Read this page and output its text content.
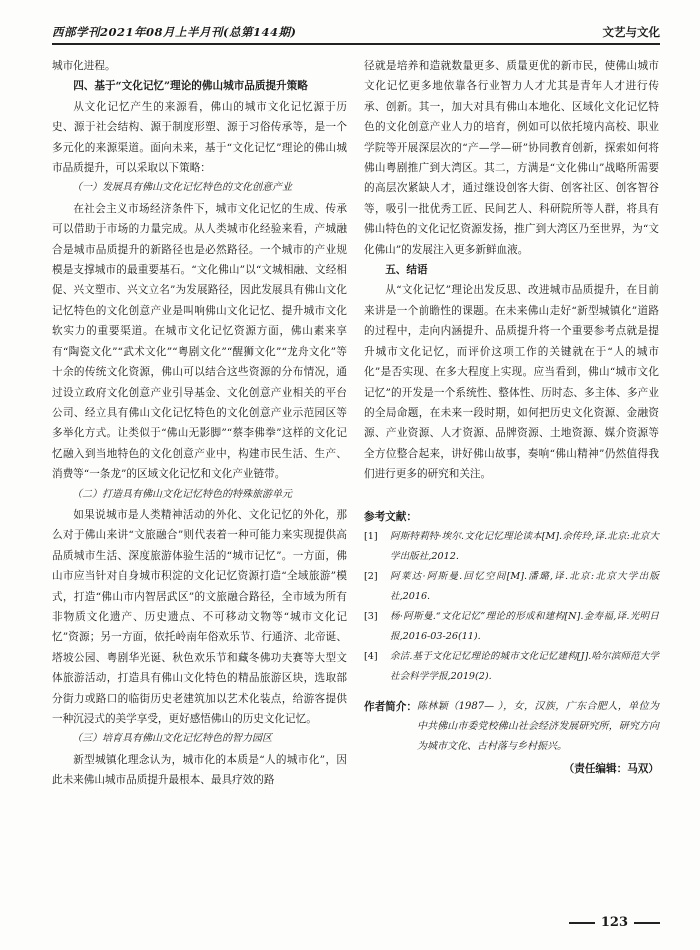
西部学刊2021年08月上半月刊(总第144期)	文艺与文化

城市化进程。

四、基于“文化记忆”理论的佛山城市品质提升策略

从文化记忆产生的来源看，佛山的城市文化记忆源于历史、源于社会结构、源于制度形塑、源于习俗传承等，是一个多元化的来源渠道。面向未来，基于“文化记忆”理论的佛山城市品质提升，可以采取以下策略：

（一）发展具有佛山文化记忆特色的文化创意产业

在社会主义市场经济条件下，城市文化记忆的生成、传承可以借助于市场的力量完成。从人类城市化经验来看，产城融合是城市品质提升的新路径也是必然路径。一个城市的产业规模是支撑城市的最重要基石。“文化佛山”以“文城相融、文经相促、兴文塑市、兴文立名”为发展路径，因此发展具有佛山文化记忆特色的文化创意产业是叫响佛山文化记忆、提升城市文化软实力的重要渠道。在城市文化记忆资源方面，佛山素来享有“陶瓷文化”“武术文化”“粤剧文化”“醒狮文化”“龙舟文化”等十余的传统文化资源，佛山可以结合这些资源的分布情况，通过设立政府文化创意产业引导基金、文化创意产业相关的平台公司、经立具有佛山文化记忆特色的文化创意产业示范园区等多举化方式。让类似于“佛山无影脚”“蔡李佛拳”这样的文化记忆融入到当地特色的文化创意产业中，构建市民生活、生产、消费等“一条龙”的区域文化记忆和文化产业链带。

（二）打造具有佛山文化记忆特色的特殊旅游单元

如果说城市是人类精神活动的外化、文化记忆的外化，那么对于佛山来讲“文旅融合”则代表着一种可能力来实现提供高品质城市生活、深度旅游体验生活的“城市记忆”。一方面，佛山市应当针对自身城市积淀的文化记忆资源打造“全域旅游”模式，打造“佛山市内智居武区”的文旅融合路径，全市域为所有非物质文化遗产、历史遗点、不可移动文物等“城市文化记忆”资源；另一方面，依托岭南年俗欢乐节、行通济、北帝诞、塔坡公园、粤剧华光诞、秋色欢乐节和藏冬佛功夫赛等大型文体旅游活动，打造具有佛山文化特色的精品旅游区块，选取部分街力或路口的临街历史老建筑加以艺术化装点，给游客提供一种沉浸式的美学享受，更好感悟佛山的历史文化记忆。

（三）培育具有佛山文化记忆特色的智力园区

新型城镇化理念认为，城市化的本质是“人的城市化”，因此未来佛山城市品质提升最根本、最具疗效的路

径就是培养和造就数量更多、质量更优的新市民，使佛山城市文化记忆更多地依靠各行业智力人才尤其是青年人才进行传承、创新。其一，加大对具有佛山本地化、区域化文化记忆特色的文化创意产业人力的培育，例如可以依托境内高校、职业学院等开展深层次的“产—学—研”协同教育创新，探索如何将佛山粤剧推广到大湾区。其二，方满是“文化佛山”战略所需要的高层次紧缺人才，通过继设创客大街、创客社区、创客智谷等，吸引一批优秀工匠、民间艺人、科研院所等人群，将具有佛山特色的文化记忆资源发扬，推广到大湾区乃至世界，为“文化佛山”的发展注入更多新鲜血液。

五、结语

从“文化记忆”理论出发反思、改进城市品质提升，在目前来讲是一个前瞻性的课题。在未来佛山走好“新型城镇化”道路的过程中，走向内涵提升、品质提升将一个重要参考点就是提升城市文化记忆，而评价这项工作的关键就在于“人的城市化”是否实现、在多大程度上实现。应当看到，佛山“城市文化记忆”的开发是一个系统性、整体性、历时态、多主体、多产业的全局命题，在未来一段时期，如何把历史文化资源、金融资源、产业资源、人才资源、品牌资源、土地资源、媒介资源等全方位整合起来，讲好佛山故事，奏响“佛山精神”仍然值得我们进行更多的研究和关注。

参考文献：

[1]	阿斯特莉特·埃尔.文化记忆理论读本[M].余传玲,译.北京:北京大学出版社,2012.
[2]	阿莱达·阿斯曼.回忆空间[M].潘璐,译.北京:北京大学出版社,2016.
[3]	杨·阿斯曼.“文化记忆”理论的形成和建构[N].金寿福,译.光明日报,2016-03-26(11).
[4]	余洁.基于文化记忆理论的城市文化记忆建构[J].哈尔滨师范大学社会科学学报,2019(2).
作者简介： 陈林颖（1987— ），女，汉族，广东合肥人，单位为中共佛山市委党校佛山社会经济发展研究所，研究方向为城市文化、古村落与乡村振兴。
（责任编辑：马双）
123
